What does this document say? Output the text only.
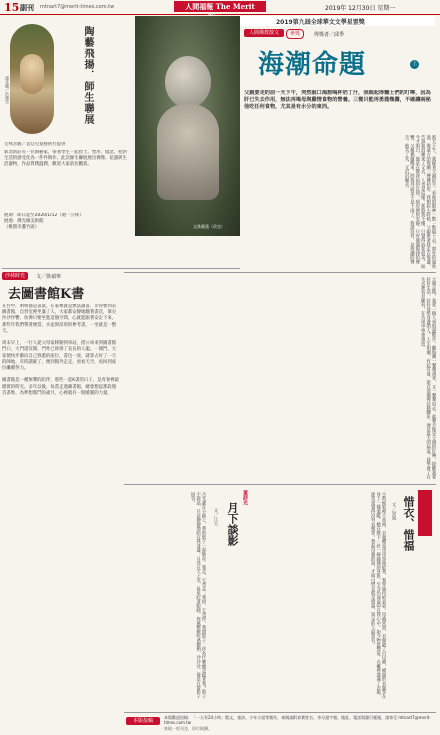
15 副刊 mtnart7@merit-times.com.tw	人間福報 The Merit	2019年 12月30日 星期一
蓮花圖／洪珊雪	陶藝飛揚．師生聯展
文殊菩薩／袁廷兒童藝術社提供
新北新莊有一位陶藝家，帶著學生一起捏土、塑形、燒窯，把對生活的感受化為一件件陶作。此次師生聯展展出佛像、花器與生活器物，作品質樸溫潤，歡迎大家前往觀賞。
展期：即日起至2020/1/12（週一公休）
展地：佛光緣美術館
（桃園市蘆竹區）
2019第九屆全球華文文學星雲獎
人間佛教散文	參獎	得獎者／邱季
海潮命題	上
父親要走的前一天下午，突然說口渴想喝杯奶丁汁，我端起得醫士們的叮嚀，因為肝已失去作用，無法再喝母與雞情食物的營養。三餐只能再勇喬幾醬，不確讓兩秘他吃任何食物，尤其是有水分的東西。
文殊羅漢（改良）
沙林時光	文／徐禎寧
去圖書館K書
在台中，明明都是書桌，在家裡就是無法讀書，非得要到去圖書館，自習室裡坐滿了人，大家都安靜地翻著書頁，筆尖沙沙作響，彷彿只要坐進這個空間，心就能跟著安定下來。那些年我們帶著便當、水壺與厚厚的參考書，一坐就是一整天。

周末早上，一行人從父母家移動到車站，搭公車來到圖書館門口，大門還沒開，門外已經排了長長的人龍。一開門，大家便快步衝向自己熟悉的座位，書包一放，就算占好了一天的陣地。有時讀累了，便到館外走走，看看天空，再回到座位繼續努力。

圖書館是一種無聲的陪伴，那些一起K書的日子，是青春裡最踏實的時光。多年以後，每當走過圖書館，總會想起那段埋首書堆、為夢想奮鬥的歲月，心裡就有一股暖暖的力量。
那天下午，我握著父親的手，看他的眼神一點一點暗下去。窗外的風吹過，像遠方的海潮一聲聲拍岸。我想起小時候，父親牽著我走在海邊，告訴我浪潮來了又去，人也是這樣。那時我不懂，只覺得浪花很美。如今才明白，他是在教我如何告別。病房裡很安靜，只有儀器規律的聲響。父親偶爾醒來，問我外面是不是下雨了，我說沒有，是海潮的聲音。他笑了笑，又沉沉睡去。
父親走後，我常一個人到海邊散步，聽海潮一聲聲湧來，又一聲聲退去。那聲音像是父親的叮嚀，提醒我要好好生活，好好珍惜身邊的人。人生如潮，有起有落，能在浪潮裡站穩腳步，便是最大的福氣。我學會了在失去裡看見擁有，在告別中學會感恩。
童詩光
月下談影
文／江天
月光灑在小路上，我和影子一起散步。我走，它也走；我停，它也停。我問影子：你為什麼總是跟著我？影子不說話，只是靜靜地陪在我身邊。月亮在天上笑，星星眨著眼睛，夜風輕輕吹過樹梢，沙沙沙，像是在替影子回答。	惜衣、惜福
文／梁鳳
小時候家裡不富裕，衣服總是哥哥穿過給我，我穿過再給弟弟。母親常說，衣服破了可以補，補過的衣服穿在身上一樣溫暖。她在燈下一針一線縫補的身影，至今仍深深印在我心中。如今物質豐富，衣櫃裡塞滿了衣服，卻常常覺得沒有衣服穿。想起母親的話，才明白惜衣就是惜福，知足的人最富有。
本版投稿
本版歡迎投稿：「一天有24小時」散文、童詩、少年小說等創作，來稿請附真實姓名、身分證字號、地址、電話與銀行帳號，請寄至 mtnart7@merit-times.com.tw
來稿一經刊登，即付稿酬。
